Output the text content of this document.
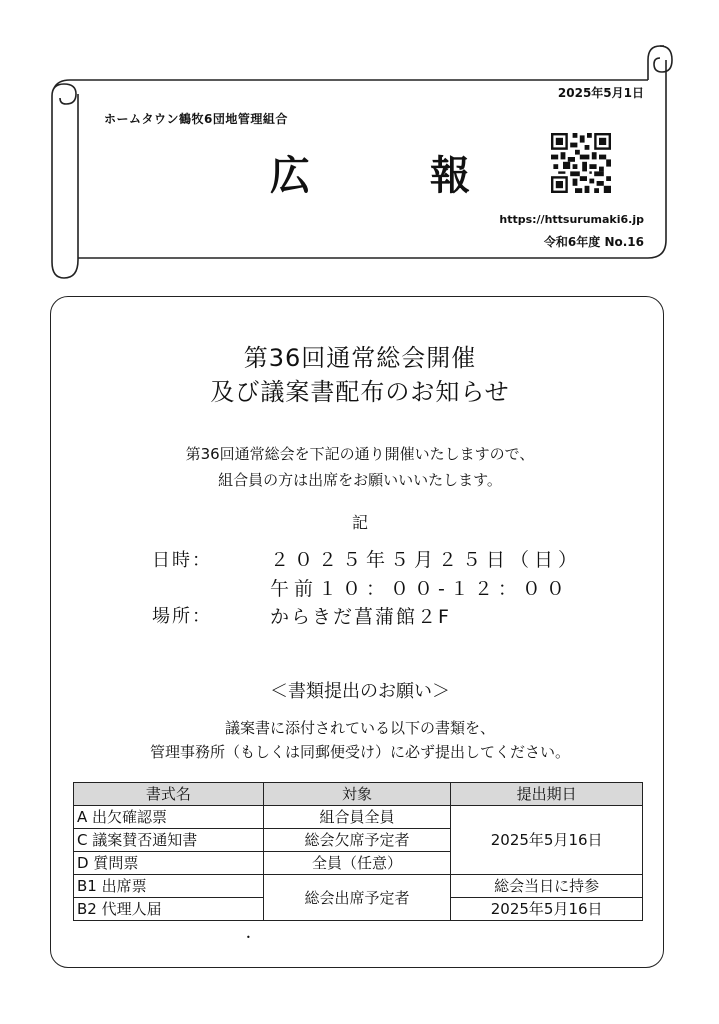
ホームタウン鶴牧6団地管理組合
2025年5月1日
広　報
https://httsurumaki6.jp
令和6年度 No.16
第36回通常総会開催
及び議案書配布のお知らせ
第36回通常総会を下記の通り開催いたしますので、
組合員の方は出席をお願いいいたします。
記
日時：	２０２５年５月２５日（日）
午前１０：００-１２：００
場所：	からきだ菖蒲館２F
＜書類提出のお願い＞
議案書に添付されている以下の書類を、
管理事務所（もしくは同郵便受け）に必ず提出してください。
書式名	対象	提出期日
A 出欠確認票	組合員全員	2025年5月16日
C 議案賛否通知書	総会欠席予定者	
D 質問票	全員（任意）	
B1 出席票	総会出席予定者	総会当日に持参
B2 代理人届		2025年5月16日
•
